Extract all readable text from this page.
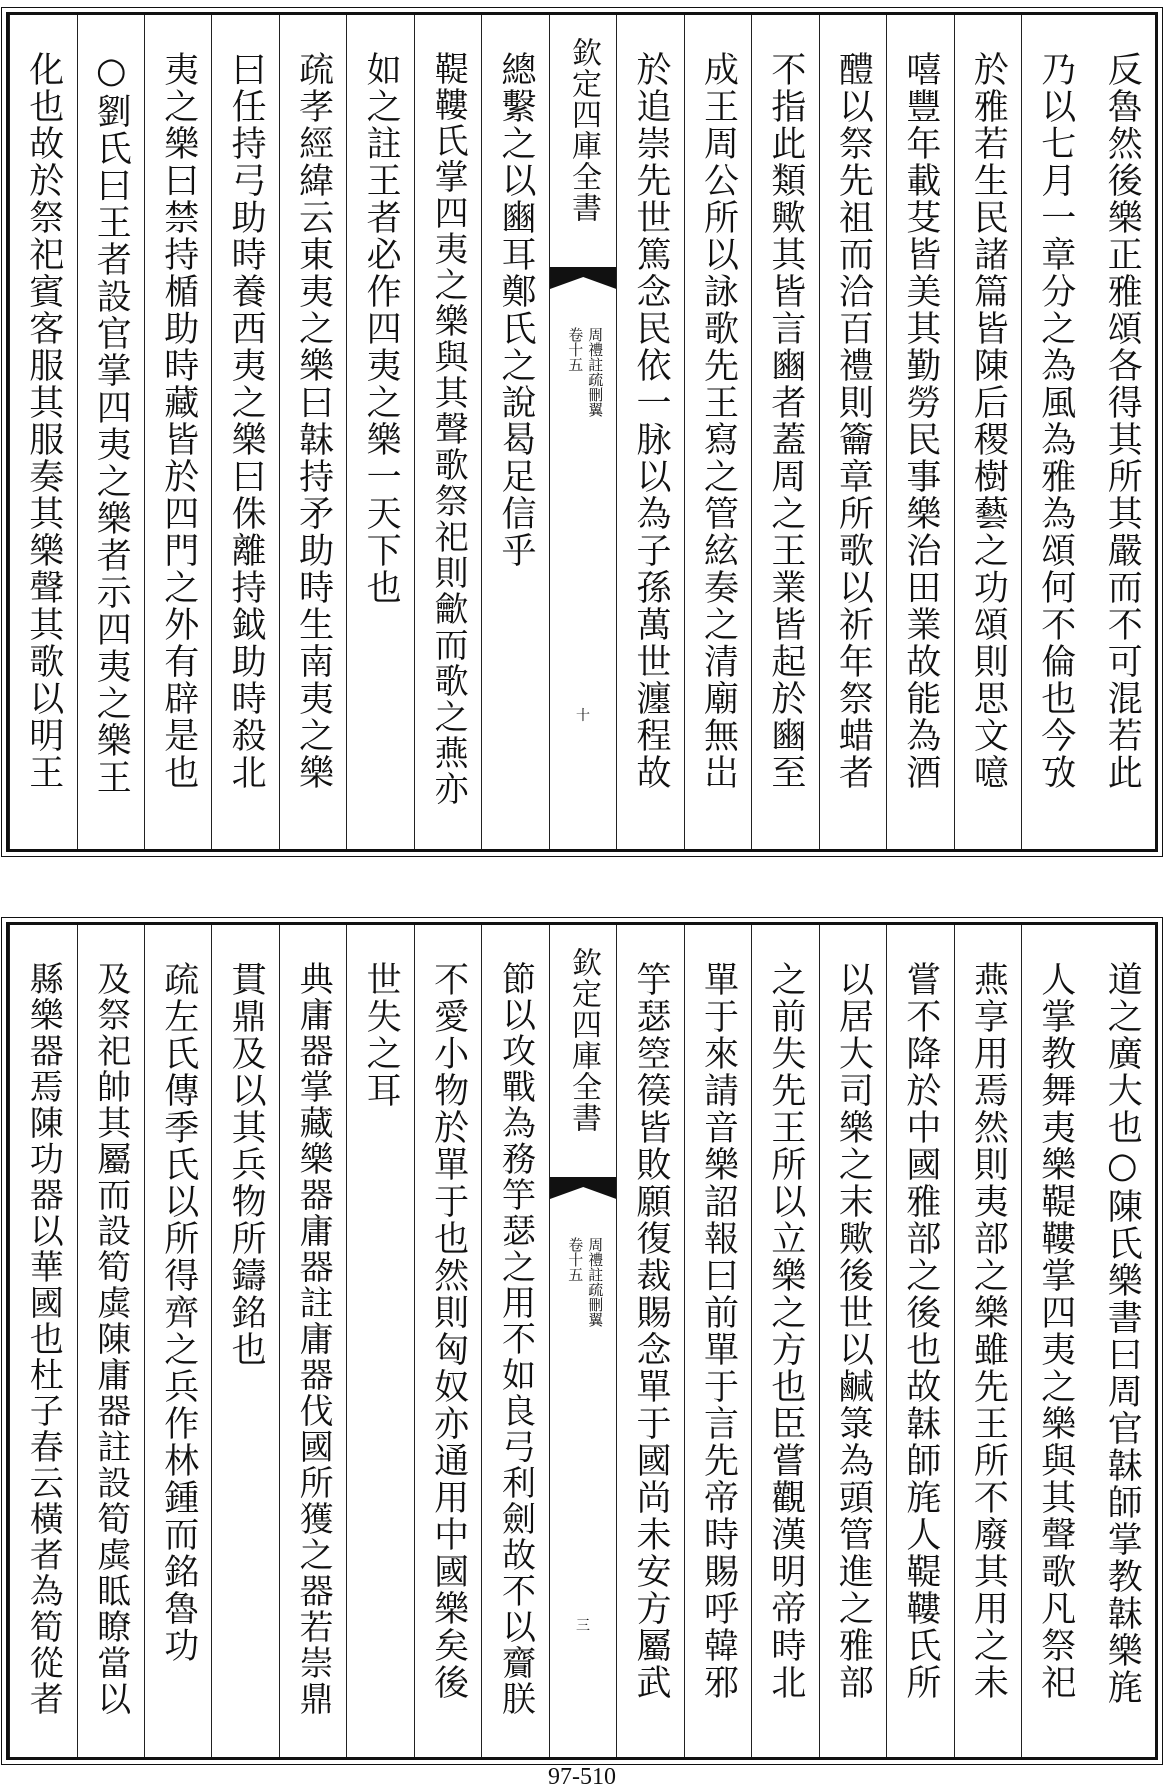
反魯然後樂正雅頌各得其所其嚴而不可混若此
乃以七月一章分之為風為雅為頌何不倫也今攷
於雅若生民諸篇皆陳后稷樹藝之功頌則思文噫
嘻豐年載芟皆美其勤勞民事樂治田業故能為酒
醴以祭先祖而洽百禮則籥章所歌以祈年祭蜡者
不指此類歟其皆言豳者蓋周之王業皆起於豳至
成王周公所以詠歌先王寫之管絃奏之清廟無岀
於追崇先世篤念民依一脉以為子孫萬世瀍程故
欽定四庫全書
周禮註疏刪翼
卷十五
十
總繫之以豳耳鄭氏之說曷足信乎
鞮鞻氏掌四夷之樂與其聲歌祭祀則龡而歌之燕亦
如之註王者必作四夷之樂一天下也
疏孝經緯云東夷之樂曰韎持矛助時生南夷之樂
曰任持弓助時養西夷之樂曰侏離持鉞助時殺北
夷之樂曰禁持楯助時藏皆於四門之外有辟是也
○劉氏曰王者設官掌四夷之樂者示四夷之樂王
化也故於祭祀賓客服其服奏其樂聲其歌以明王
道之廣大也○陳氏樂書曰周官韎師掌教韎樂旄
人掌教舞夷樂鞮鞻掌四夷之樂與其聲歌凡祭祀
燕享用焉然則夷部之樂雖先王所不廢其用之未
嘗不降於中國雅部之後也故韎師旄人鞮鞻氏所
以居大司樂之末歟後世以鹹箓為頭管進之雅部
之前失先王所以立樂之方也臣嘗觀漢明帝時北
單于來請音樂詔報曰前單于言先帝時賜呼韓邪
竽瑟箜篌皆敗願復裁賜念單于國尚未安方屬武
欽定四庫全書
周禮註疏刪翼
卷十五
三
節以攻戰為務竽瑟之用不如良弓利劍故不以齎朕
不愛小物於單于也然則匈奴亦通用中國樂矣後
世失之耳
典庸器掌藏樂器庸器註庸器伐國所獲之器若崇鼎
貫鼎及以其兵物所鑄銘也
疏左氏傳季氏以所得齊之兵作林鍾而銘魯功
及祭祀帥其屬而設筍虡陳庸器註設筍虡眡瞭當以
縣樂器焉陳功器以華國也杜子春云橫者為筍從者
97-510
